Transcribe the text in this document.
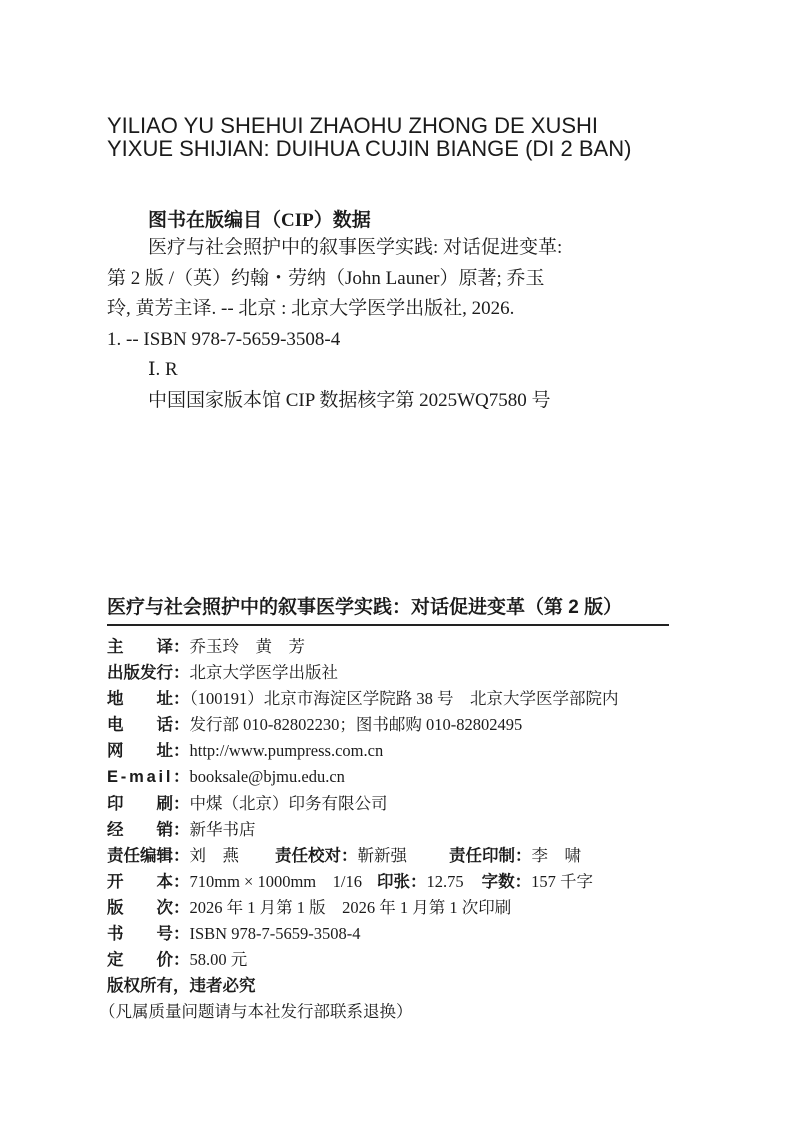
YILIAO YU SHEHUI ZHAOHU ZHONG DE XUSHI
YIXUE SHIJIAN: DUIHUA CUJIN BIANGE (DI 2 BAN)
图书在版编目（CIP）数据
医疗与社会照护中的叙事医学实践: 对话促进变革:
第 2 版 /（英）约翰・劳纳（John Launer）原著; 乔玉
玲, 黄芳主译. -- 北京 : 北京大学医学出版社, 2026.
1. -- ISBN 978-7-5659-3508-4
Ⅰ. R
中国国家版本馆 CIP 数据核字第 2025WQ7580 号
医疗与社会照护中的叙事医学实践：对话促进变革（第 2 版）
主　　译：乔玉玲　黄　芳
出版发行：北京大学医学出版社
地　　址：（100191）北京市海淀区学院路 38 号　北京大学医学部院内
电　　话：发行部 010-82802230；图书邮购 010-82802495
网　　址：http://www.pumpress.com.cn
E-mail：booksale@bjmu.edu.cn
印　　刷：中煤（北京）印务有限公司
经　　销：新华书店
责任编辑：刘　燕 责任校对：靳新强	责任印制：李　啸
开　　本：710mm × 1000mm　1/16 印张：12.75 字数：157 千字
版　　次：2026 年 1 月第 1 版　2026 年 1 月第 1 次印刷
书　　号：ISBN 978-7-5659-3508-4
定　　价：58.00 元
版权所有，违者必究
（凡属质量问题请与本社发行部联系退换）
